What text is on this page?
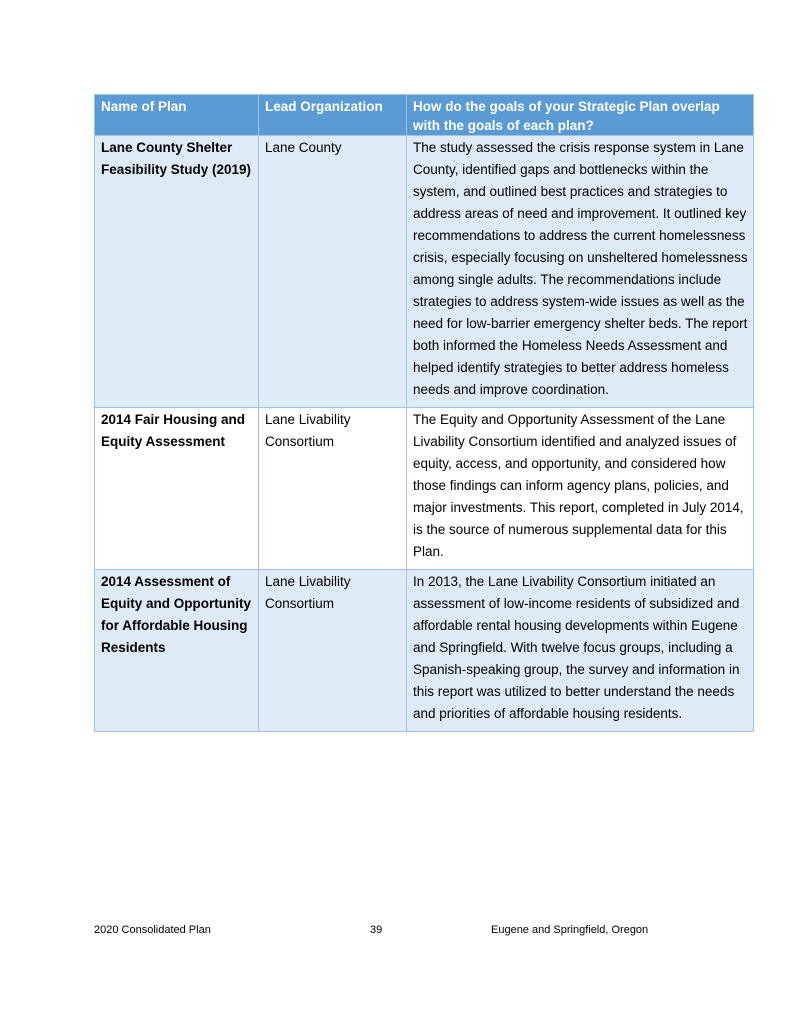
Name of Plan	Lead Organization	How do the goals of your Strategic Plan overlap with the goals of each plan?
Lane County Shelter Feasibility Study (2019)	Lane County	The study assessed the crisis response system in Lane County, identified gaps and bottlenecks within the system, and outlined best practices and strategies to address areas of need and improvement. It outlined key recommendations to address the current homelessness crisis, especially focusing on unsheltered homelessness among single adults. The recommendations include strategies to address system-wide issues as well as the need for low-barrier emergency shelter beds. The report both informed the Homeless Needs Assessment and helped identify strategies to better address homeless needs and improve coordination.
2014 Fair Housing and Equity Assessment	Lane Livability Consortium	The Equity and Opportunity Assessment of the Lane Livability Consortium identified and analyzed issues of equity, access, and opportunity, and considered how those findings can inform agency plans, policies, and major investments. This report, completed in July 2014, is the source of numerous supplemental data for this Plan.
2014 Assessment of Equity and Opportunity for Affordable Housing Residents	Lane Livability Consortium	In 2013, the Lane Livability Consortium initiated an assessment of low-income residents of subsidized and affordable rental housing developments within Eugene and Springfield. With twelve focus groups, including a Spanish-speaking group, the survey and information in this report was utilized to better understand the needs and priorities of affordable housing residents.
2020 Consolidated Plan	39	Eugene and Springfield, Oregon
